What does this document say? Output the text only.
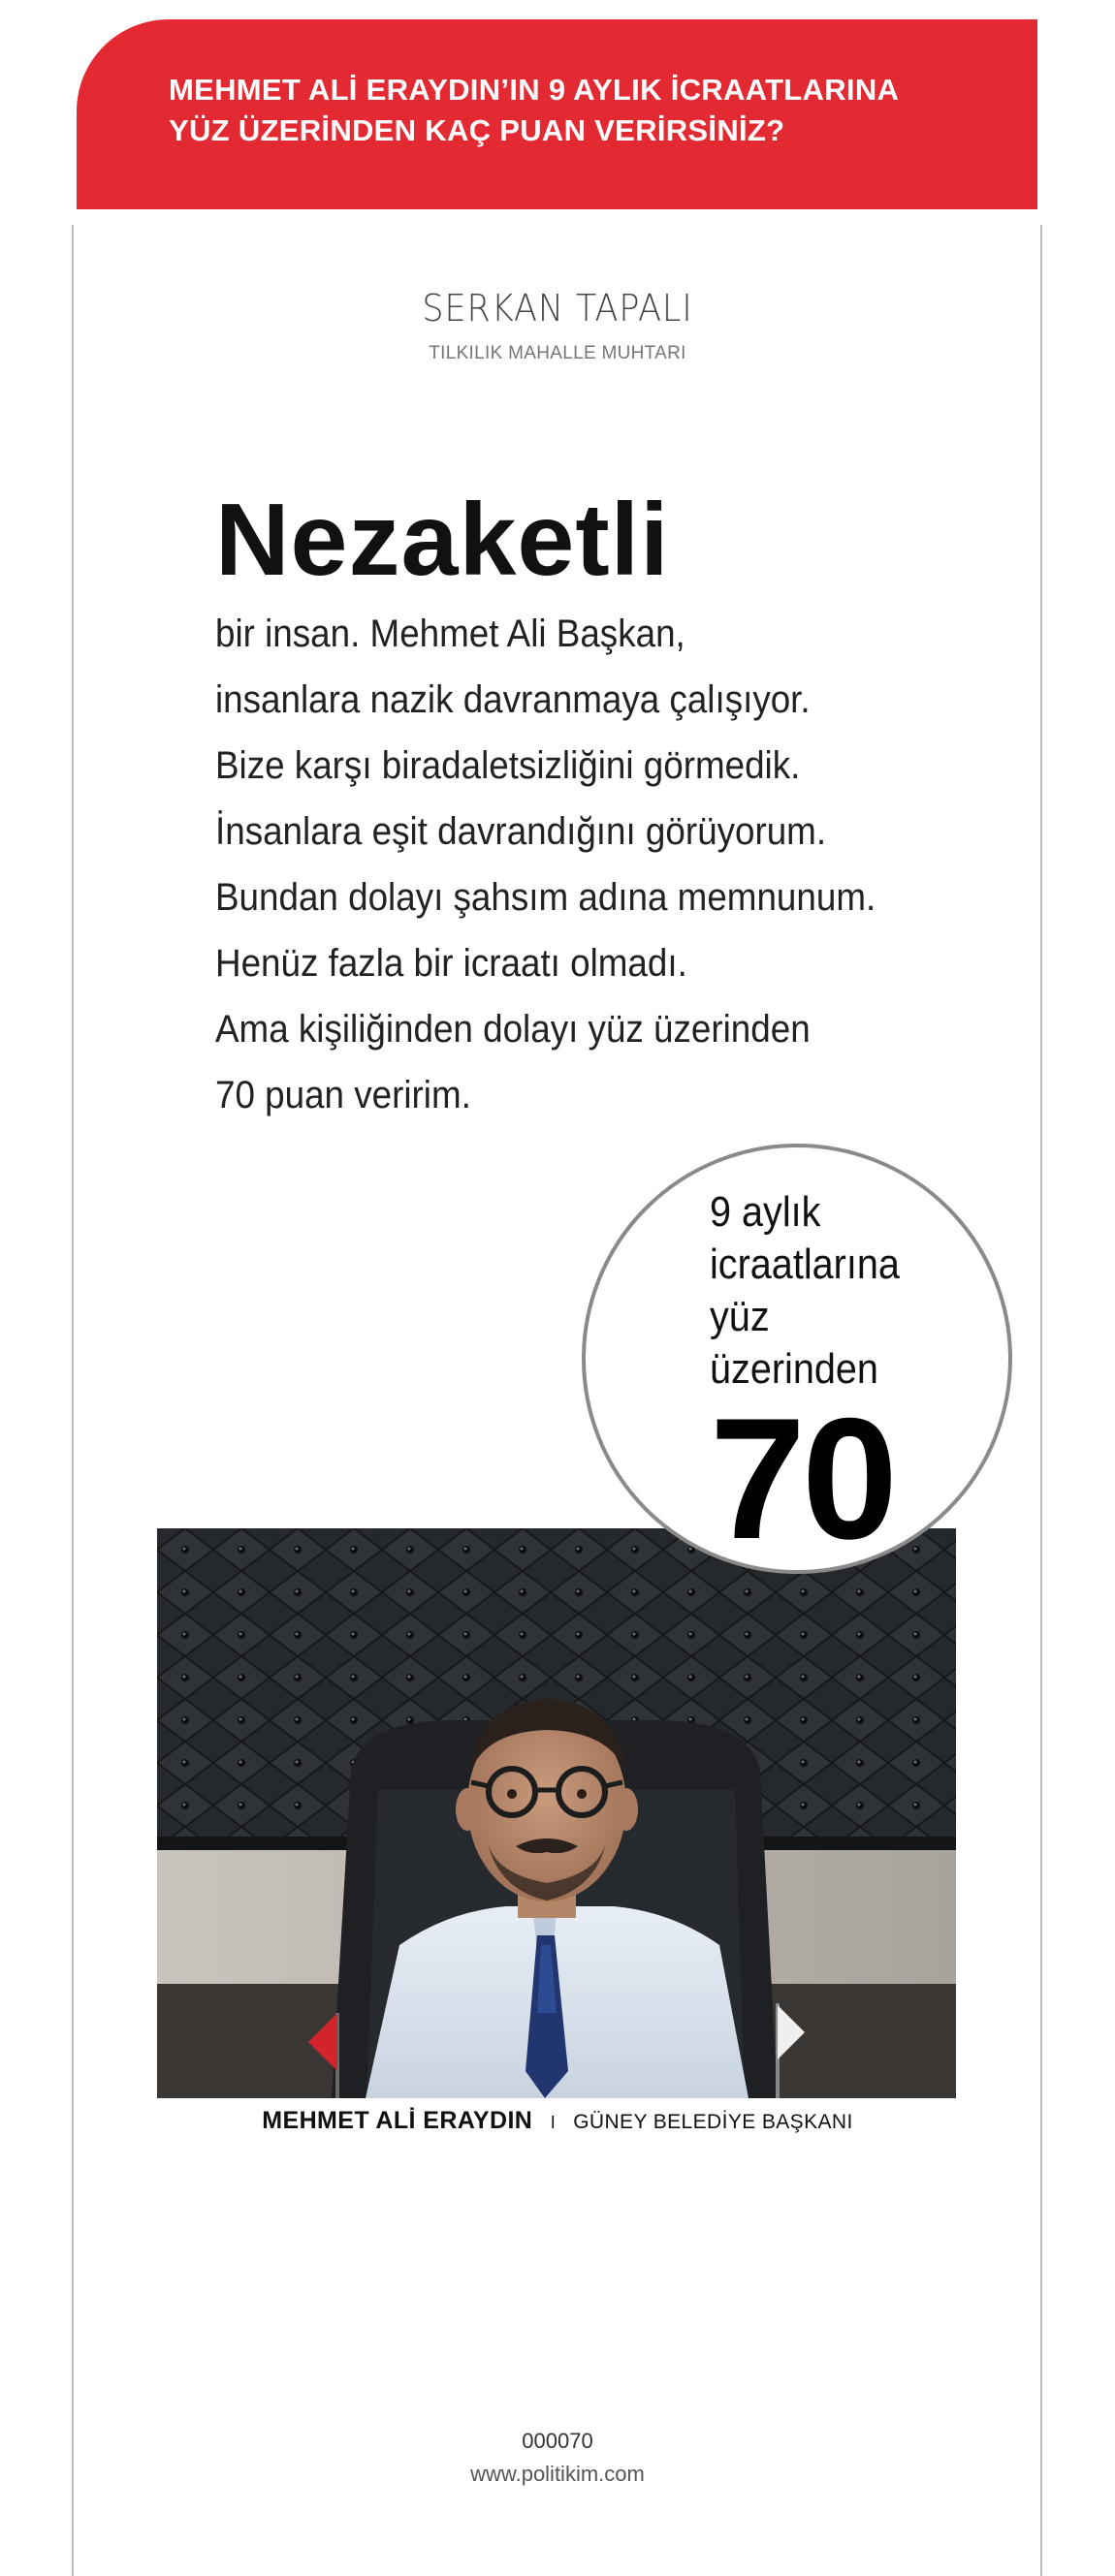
MEHMET ALİ ERAYDIN’IN 9 AYLIK İCRAATLARINA
YÜZ ÜZERİNDEN KAÇ PUAN VERİRSİNİZ?
SERKAN TAPALI
TILKILIK MAHALLE MUHTARI
Nezaketli
bir insan. Mehmet Ali Başkan,
insanlara nazik davranmaya çalışıyor.
Bize karşı biradaletsizliğini görmedik.
İnsanlara eşit davrandığını görüyorum.
Bundan dolayı şahsım adına memnunum.
Henüz fazla bir icraatı olmadı.
Ama kişiliğinden dolayı yüz üzerinden
70 puan veririm.
9 aylık
icraatlarına
yüz
üzerinden
70
MEHMET ALİ ERAYDIN I GÜNEY BELEDİYE BAŞKANI
000070
www.politikim.com
